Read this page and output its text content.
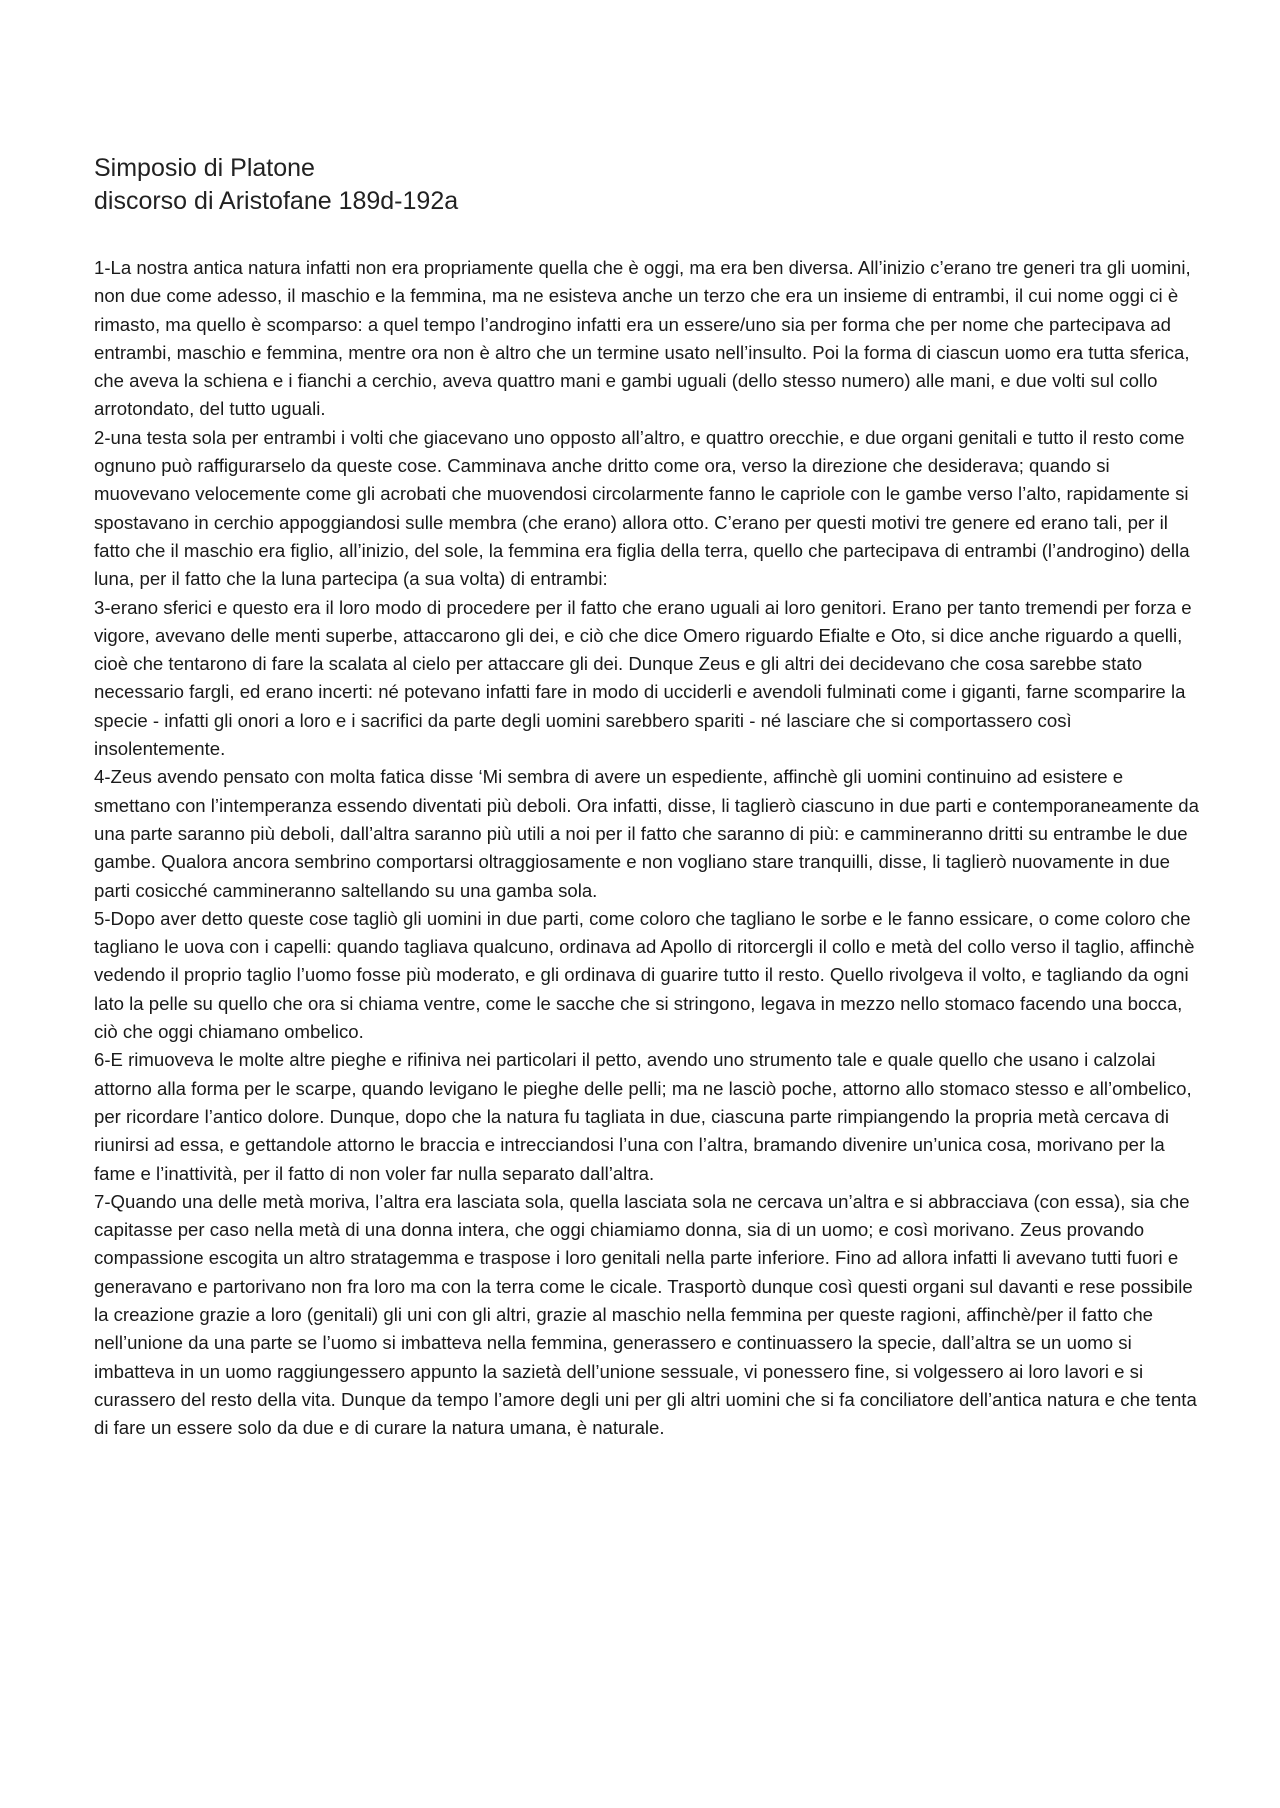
Simposio di Platone
discorso di Aristofane 189d-192a

1-La nostra antica natura infatti non era propriamente quella che è oggi, ma era ben diversa. All’inizio c’erano tre generi tra gli uomini, non due come adesso, il maschio e la femmina, ma ne esisteva anche un terzo che era un insieme di entrambi, il cui nome oggi ci è rimasto, ma quello è scomparso: a quel tempo l’androgino infatti era un essere/uno sia per forma che per nome che partecipava ad entrambi, maschio e femmina, mentre ora non è altro che un termine usato nell’insulto. Poi la forma di ciascun uomo era tutta sferica, che aveva la schiena e i fianchi a cerchio, aveva quattro mani e gambi uguali (dello stesso numero) alle mani, e due volti sul collo arrotondato, del tutto uguali.

2-una testa sola per entrambi i volti che giacevano uno opposto all’altro, e quattro orecchie, e due organi genitali e tutto il resto come ognuno può raffigurarselo da queste cose. Camminava anche dritto come ora, verso la direzione che desiderava; quando si muovevano velocemente come gli acrobati che muovendosi circolarmente fanno le capriole con le gambe verso l’alto, rapidamente si spostavano in cerchio appoggiandosi sulle membra (che erano) allora otto. C’erano per questi motivi tre genere ed erano tali, per il fatto che il maschio era figlio, all’inizio, del sole, la femmina era figlia della terra, quello che partecipava di entrambi (l’androgino) della luna, per il fatto che la luna partecipa (a sua volta) di entrambi:

3-erano sferici e questo era il loro modo di procedere per il fatto che erano uguali ai loro genitori. Erano per tanto tremendi per forza e vigore, avevano delle menti superbe, attaccarono gli dei, e ciò che dice Omero riguardo Efialte e Oto, si dice anche riguardo a quelli, cioè che tentarono di fare la scalata al cielo per attaccare gli dei. Dunque Zeus e gli altri dei decidevano che cosa sarebbe stato necessario fargli, ed erano incerti: né potevano infatti fare in modo di ucciderli e avendoli fulminati come i giganti, farne scomparire la specie - infatti gli onori a loro e i sacrifici da parte degli uomini sarebbero spariti - né lasciare che si comportassero così insolentemente.

4-Zeus avendo pensato con molta fatica disse ‘Mi sembra di avere un espediente, affinchè gli uomini continuino ad esistere e smettano con l’intemperanza essendo diventati più deboli. Ora infatti, disse, li taglierò ciascuno in due parti e contemporaneamente da una parte saranno più deboli, dall’altra saranno più utili a noi per il fatto che saranno di più: e cammineranno dritti su entrambe le due gambe. Qualora ancora sembrino comportarsi oltraggiosamente e non vogliano stare tranquilli, disse, li taglierò nuovamente in due parti cosicché cammineranno saltellando su una gamba sola.

5-Dopo aver detto queste cose tagliò gli uomini in due parti, come coloro che tagliano le sorbe e le fanno essicare, o come coloro che tagliano le uova con i capelli: quando tagliava qualcuno, ordinava ad Apollo di ritorcergli il collo e metà del collo verso il taglio, affinchè vedendo il proprio taglio l’uomo fosse più moderato, e gli ordinava di guarire tutto il resto. Quello rivolgeva il volto, e tagliando da ogni lato la pelle su quello che ora si chiama ventre, come le sacche che si stringono, legava in mezzo nello stomaco facendo una bocca, ciò che oggi chiamano ombelico.

6-E rimuoveva le molte altre pieghe e rifiniva nei particolari il petto, avendo uno strumento tale e quale quello che usano i calzolai attorno alla forma per le scarpe, quando levigano le pieghe delle pelli; ma ne lasciò poche, attorno allo stomaco stesso e all’ombelico, per ricordare l’antico dolore. Dunque, dopo che la natura fu tagliata in due, ciascuna parte rimpiangendo la propria metà cercava di riunirsi ad essa, e gettandole attorno le braccia e intrecciandosi l’una con l’altra, bramando divenire un’unica cosa, morivano per la fame e l’inattività, per il fatto di non voler far nulla separato dall’altra.

7-Quando una delle metà moriva, l’altra era lasciata sola, quella lasciata sola ne cercava un’altra e si abbracciava (con essa), sia che capitasse per caso nella metà di una donna intera, che oggi chiamiamo donna, sia di un uomo; e così morivano. Zeus provando compassione escogita un altro stratagemma e traspose i loro genitali nella parte inferiore. Fino ad allora infatti li avevano tutti fuori e generavano e partorivano non fra loro ma con la terra come le cicale. Trasportò dunque così questi organi sul davanti e rese possibile la creazione grazie a loro (genitali) gli uni con gli altri, grazie al maschio nella femmina per queste ragioni, affinchè/per il fatto che nell’unione da una parte se l’uomo si imbatteva nella femmina, generassero e continuassero la specie, dall’altra se un uomo si imbatteva in un uomo raggiungessero appunto la sazietà dell’unione sessuale, vi ponessero fine, si volgessero ai loro lavori e si curassero del resto della vita. Dunque da tempo l’amore degli uni per gli altri uomini che si fa conciliatore dell’antica natura e che tenta di fare un essere solo da due e di curare la natura umana, è naturale.
